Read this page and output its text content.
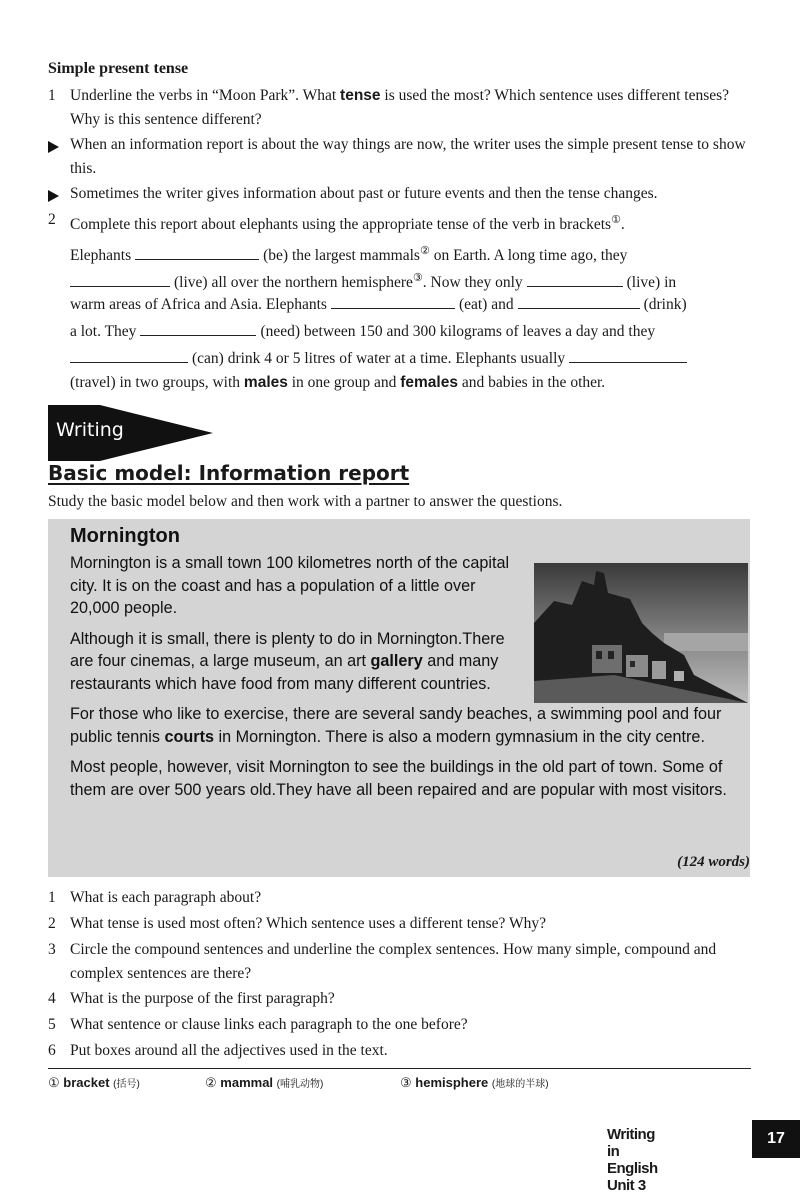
Simple present tense
1 Underline the verbs in “Moon Park”. What tense is used the most? Which sentence uses different tenses? Why is this sentence different?
When an information report is about the way things are now, the writer uses the simple present tense to show this.
Sometimes the writer gives information about past or future events and then the tense changes.
2 Complete this report about elephants using the appropriate tense of the verb in brackets①.
Elephants	(be) the largest mammals② on Earth. A long time ago, they
(live) all over the northern hemisphere③. Now they only	(live) in
warm areas of Africa and Asia. Elephants	(eat) and	(drink)
a lot. They	(need) between 150 and 300 kilograms of leaves a day and they
(can) drink 4 or 5 litres of water at a time. Elephants usually
(travel) in two groups, with males in one group and females and babies in the other.
Writing
Basic model: Information report
Study the basic model below and then work with a partner to answer the questions.
Mornington

Mornington is a small town 100 kilometres north of the capital city. It is on the coast and has a population of a little over 20,000 people.

Although it is small, there is plenty to do in Mornington.There are four cinemas, a large museum, an art gallery and many restaurants which have food from many different countries.

For those who like to exercise, there are several sandy beaches, a swimming pool and four public tennis courts in Mornington. There is also a modern gymnasium in the city centre.

Most people, however, visit Mornington to see the buildings in the old part of town. Some of them are over 500 years old.They have all been repaired and are popular with most visitors.

(124 words)
1 What is each paragraph about?
2 What tense is used most often? Which sentence uses a different tense? Why?
3 Circle the compound sentences and underline the complex sentences. How many simple, compound and complex sentences are there?
4 What is the purpose of the first paragraph?
5 What sentence or clause links each paragraph to the one before?
6 Put boxes around all the adjectives used in the text.
① bracket (括号)	② mammal (哺乳动物)	③ hemisphere (地球的半球)
Writing in English Unit 3
17
